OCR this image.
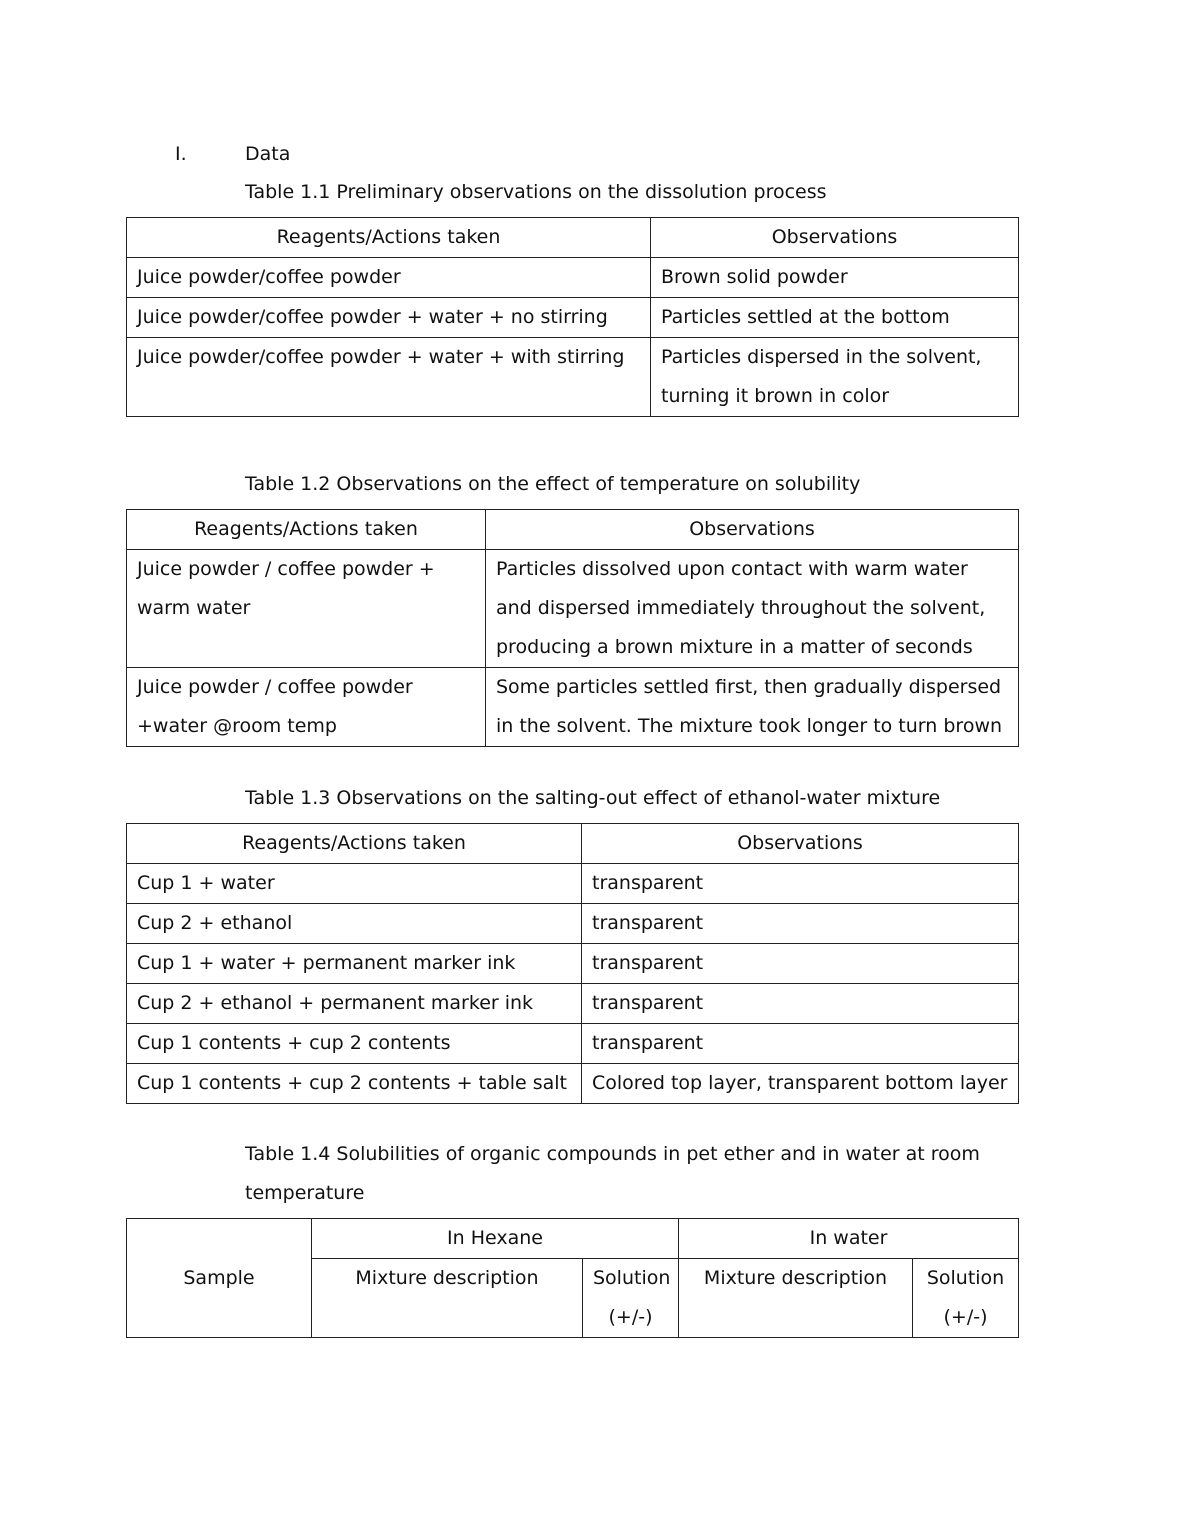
I.	Data
Table 1.1 Preliminary observations on the dissolution process
Reagents/Actions taken	Observations
Juice powder/coffee powder	Brown solid powder
Juice powder/coffee powder + water + no stirring	Particles settled at the bottom
Juice powder/coffee powder + water + with stirring	Particles dispersed in the solvent, turning it brown in color
Table 1.2 Observations on the effect of temperature on solubility
Reagents/Actions taken	Observations
Juice powder / coffee powder + warm water	Particles dissolved upon contact with warm water and dispersed immediately throughout the solvent, producing a brown mixture in a matter of seconds
Juice powder / coffee powder +water @room temp	Some particles settled first, then gradually dispersed in the solvent. The mixture took longer to turn brown
Table 1.3 Observations on the salting-out effect of ethanol-water mixture
Reagents/Actions taken	Observations
Cup 1 + water	transparent
Cup 2 + ethanol	transparent
Cup 1 + water + permanent marker ink	transparent
Cup 2 + ethanol + permanent marker ink	transparent
Cup 1 contents + cup 2 contents	transparent
Cup 1 contents + cup 2 contents + table salt	Colored top layer, transparent bottom layer
Table 1.4 Solubilities of organic compounds in pet ether and in water at room temperature
Sample	In Hexane		In water	
	Mixture description	Solution (+/-)	Mixture description	Solution (+/-)
